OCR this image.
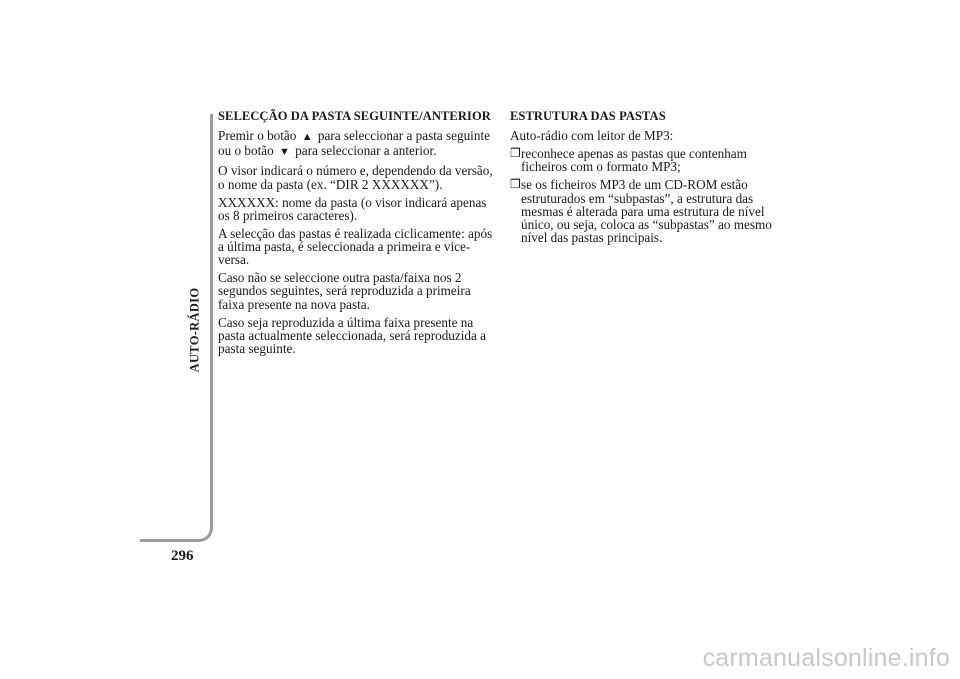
AUTO-RÁDIO
296
SELECÇÃO DA PASTA SEGUINTE/ANTERIOR

Premir o botão ▲ para seleccionar a pasta seguinte ou o botão ▼ para seleccionar a anterior.

O visor indicará o número e, dependendo da versão, o nome da pasta (ex. “DIR 2 XXXXXX”).

XXXXXX: nome da pasta (o visor indicará apenas os 8 primeiros caracteres).

A selecção das pastas é realizada ciclicamente: após a última pasta, é seleccionada a primeira e vice-versa.

Caso não se seleccione outra pasta/faixa nos 2 segundos seguintes, será reproduzida a primeira faixa presente na nova pasta.

Caso seja reproduzida a última faixa presente na pasta actualmente seleccionada, será reproduzida a pasta seguinte.

ESTRUTURA DAS PASTAS

Auto-rádio com leitor de MP3:

❒ reconhece apenas as pastas que contenham ficheiros com o formato MP3;
❒ se os ficheiros MP3 de um CD-ROM estão estruturados em “subpastas”, a estrutura das mesmas é alterada para uma estrutura de nível único, ou seja, coloca as “subpastas” ao mesmo nível das pastas principais.
carmanualsonline.info
